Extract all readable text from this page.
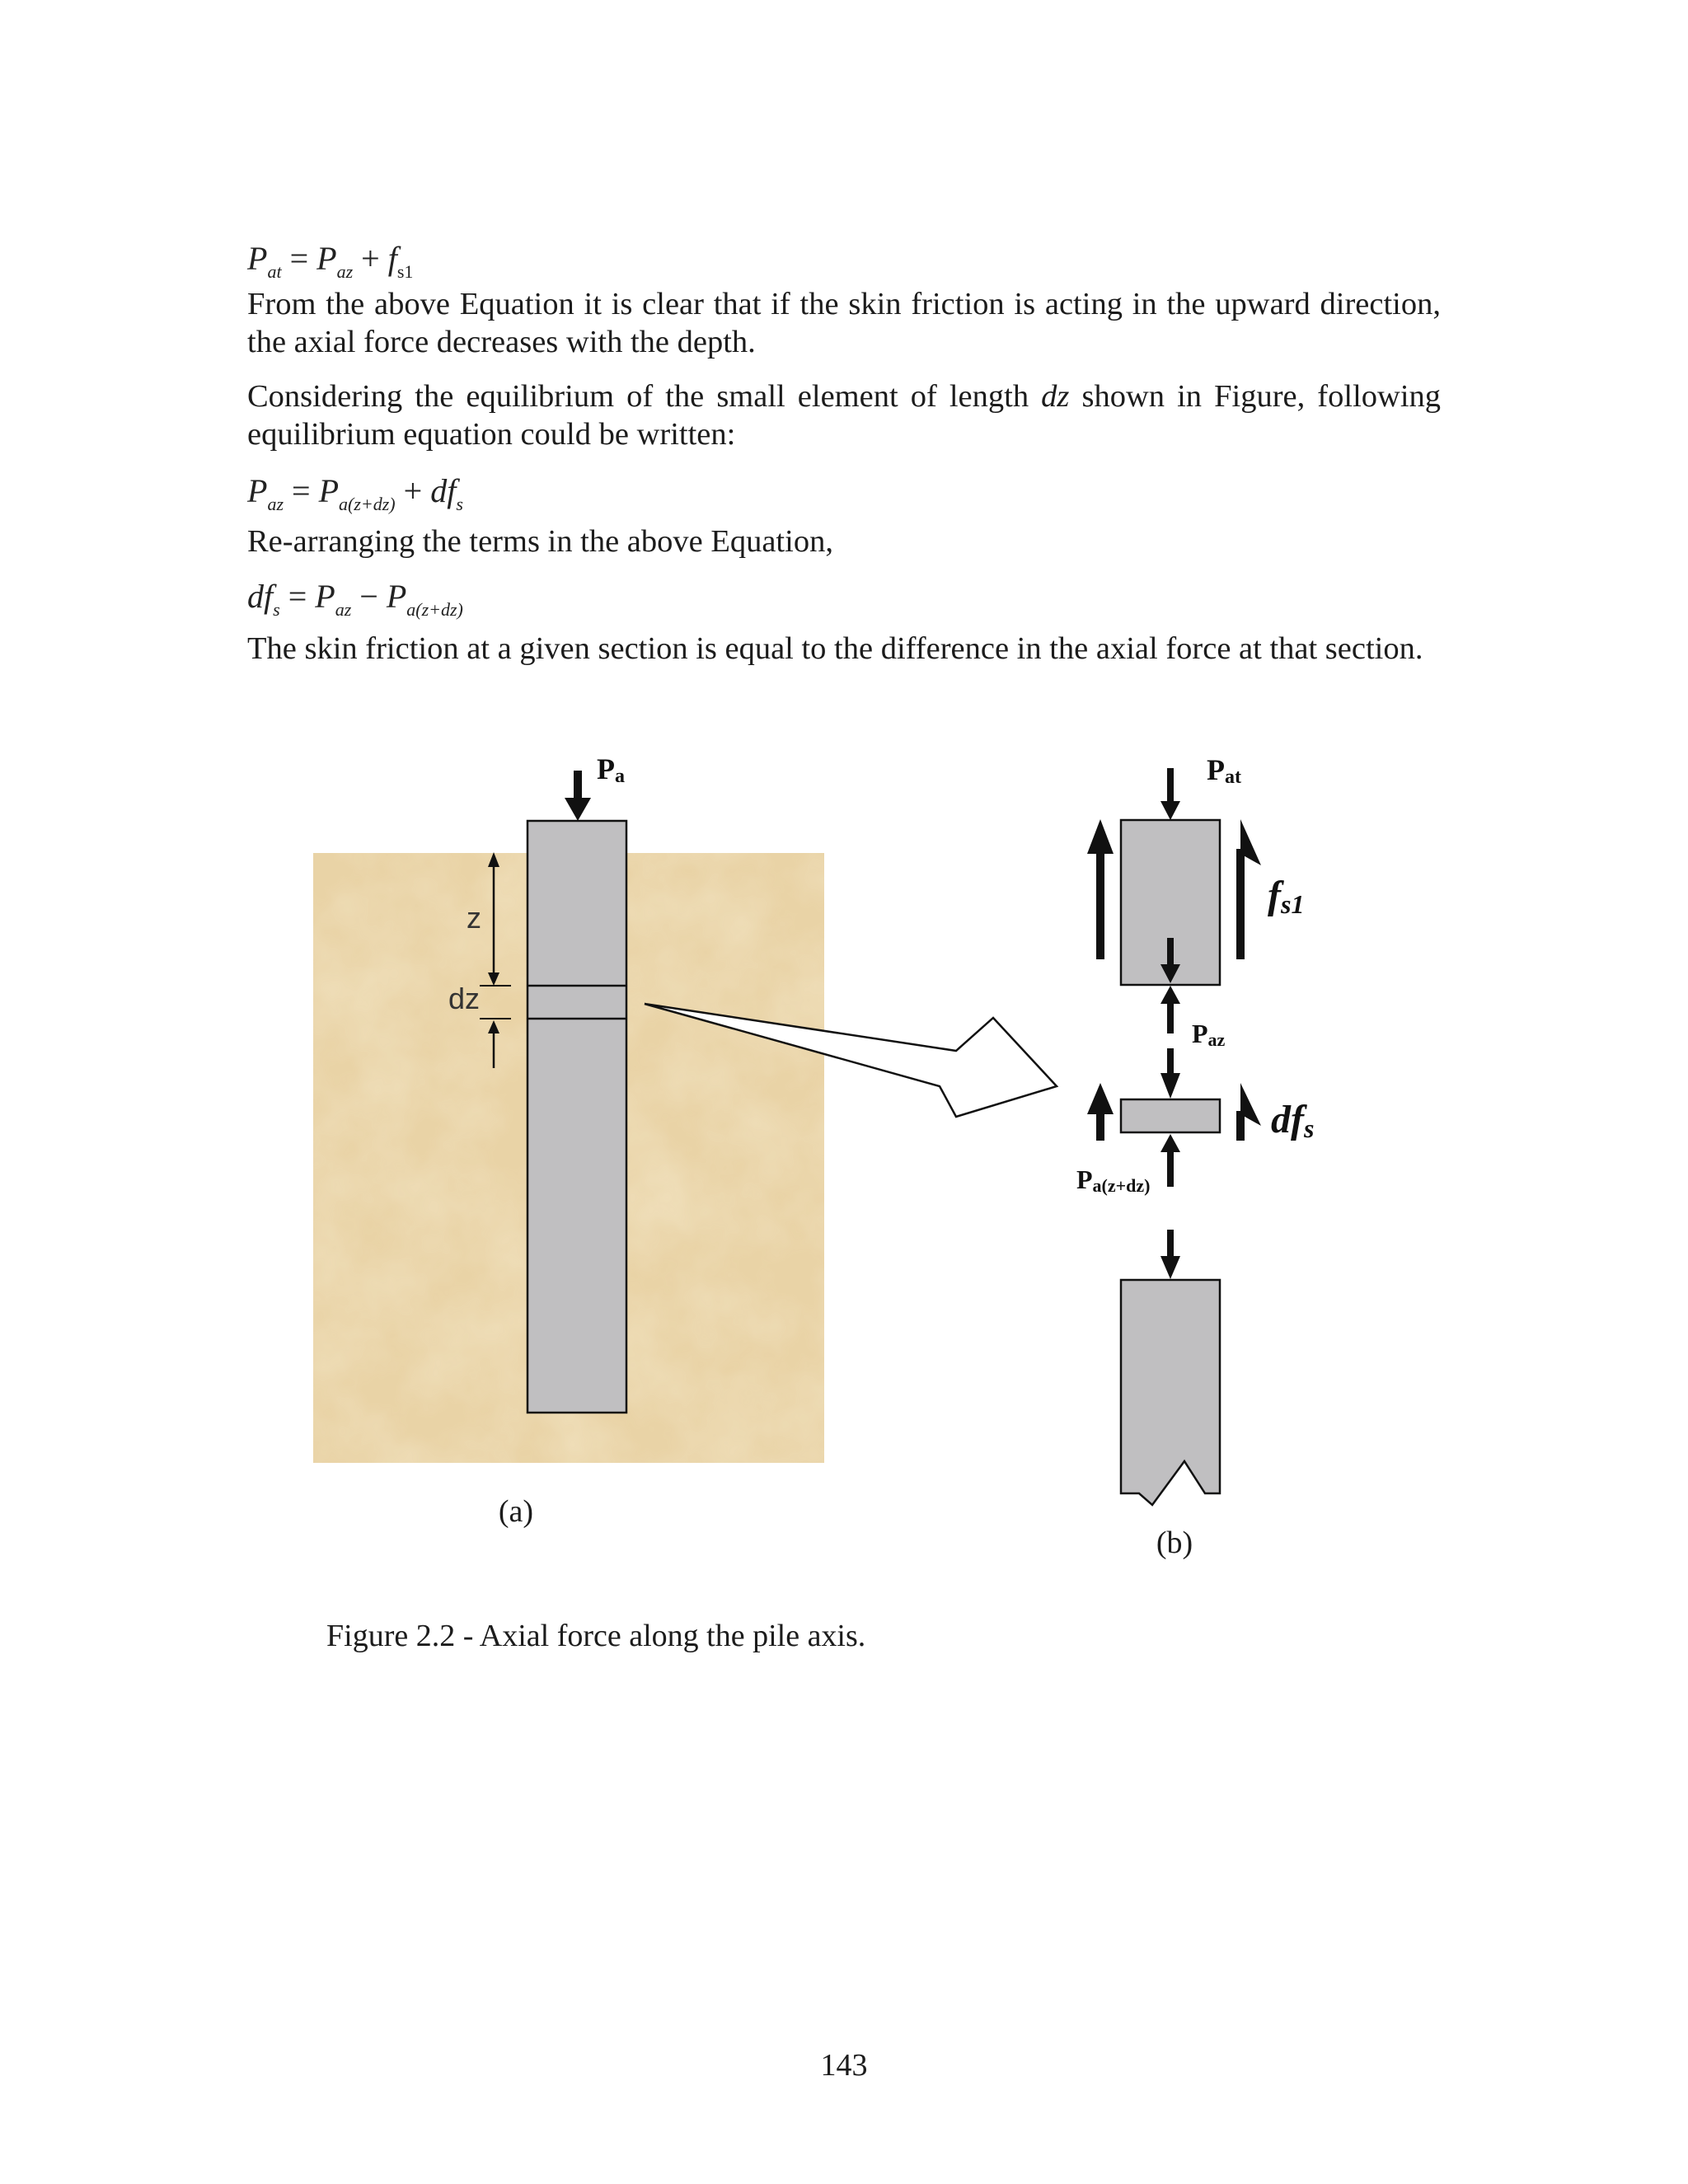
$P_{at} = P_{az} + f_{s1}$
From the above Equation it is clear that if the skin friction is acting in the upward direction, the axial force decreases with the depth.
Considering the equilibrium of the small element of length dz shown in Figure, following equilibrium equation could be written:
$P_{az} = P_{a(z+dz)} + df_s$
Re-arranging the terms in the above Equation,
$df_s = P_{az} - P_{a(z+dz)}$
The skin friction at a given section is equal to the difference in the axial force at that section.
Pa
z
dz
Pat
fs1
Paz
dfs
Pa(z+dz)
(a)
(b)
Figure 2.2 - Axial force along the pile axis.
143
